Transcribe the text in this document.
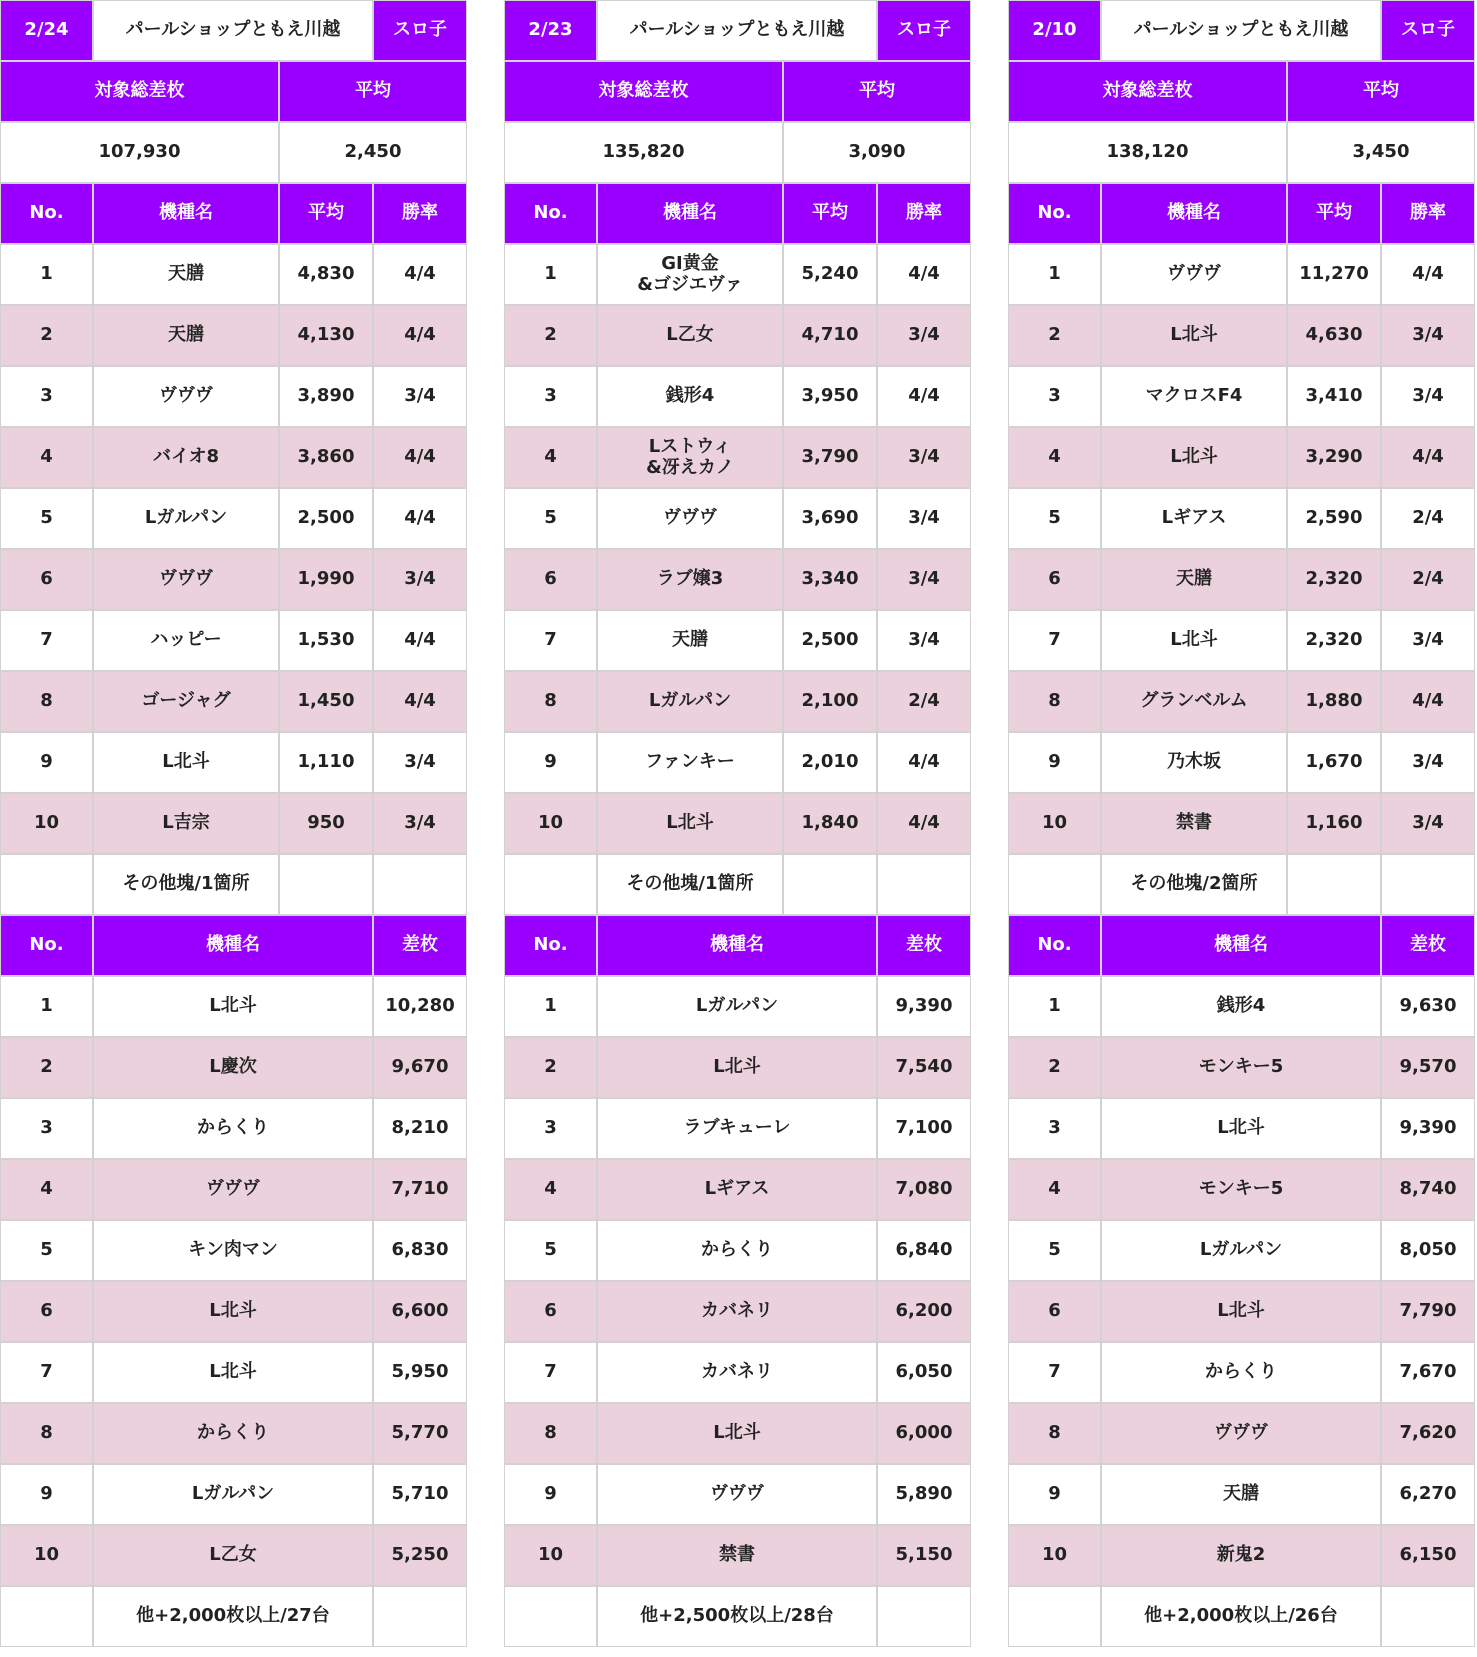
2/24	パールショップともえ川越	スロ子
対象総差枚	平均
107,930	2,450
No.	機種名	平均	勝率
1	天膳	4,830	4/4
2	天膳	4,130	4/4
3	ヴヴヴ	3,890	3/4
4	バイオ8	3,860	4/4
5	Lガルパン	2,500	4/4
6	ヴヴヴ	1,990	3/4
7	ハッピー	1,530	4/4
8	ゴージャグ	1,450	4/4
9	L北斗	1,110	3/4
10	L吉宗	950	3/4
その他塊/1箇所
No.	機種名	差枚
1	L北斗	10,280
2	L慶次	9,670
3	からくり	8,210
4	ヴヴヴ	7,710
5	キン肉マン	6,830
6	L北斗	6,600
7	L北斗	5,950
8	からくり	5,770
9	Lガルパン	5,710
10	L乙女	5,250
他+2,000枚以上/27台
2/23	パールショップともえ川越	スロ子
対象総差枚	平均
135,820	3,090
No.	機種名	平均	勝率
1	GI黄金
&ゴジエヴァ	5,240	4/4
2	L乙女	4,710	3/4
3	銭形4	3,950	4/4
4	Lストウィ
&冴えカノ	3,790	3/4
5	ヴヴヴ	3,690	3/4
6	ラブ嬢3	3,340	3/4
7	天膳	2,500	3/4
8	Lガルパン	2,100	2/4
9	ファンキー	2,010	4/4
10	L北斗	1,840	4/4
その他塊/1箇所
No.	機種名	差枚
1	Lガルパン	9,390
2	L北斗	7,540
3	ラブキューレ	7,100
4	Lギアス	7,080
5	からくり	6,840
6	カバネリ	6,200
7	カバネリ	6,050
8	L北斗	6,000
9	ヴヴヴ	5,890
10	禁書	5,150
他+2,500枚以上/28台
2/10	パールショップともえ川越	スロ子
対象総差枚	平均
138,120	3,450
No.	機種名	平均	勝率
1	ヴヴヴ	11,270	4/4
2	L北斗	4,630	3/4
3	マクロスF4	3,410	3/4
4	L北斗	3,290	4/4
5	Lギアス	2,590	2/4
6	天膳	2,320	2/4
7	L北斗	2,320	3/4
8	グランベルム	1,880	4/4
9	乃木坂	1,670	3/4
10	禁書	1,160	3/4
その他塊/2箇所
No.	機種名	差枚
1	銭形4	9,630
2	モンキー5	9,570
3	L北斗	9,390
4	モンキー5	8,740
5	Lガルパン	8,050
6	L北斗	7,790
7	からくり	7,670
8	ヴヴヴ	7,620
9	天膳	6,270
10	新鬼2	6,150
他+2,000枚以上/26台
